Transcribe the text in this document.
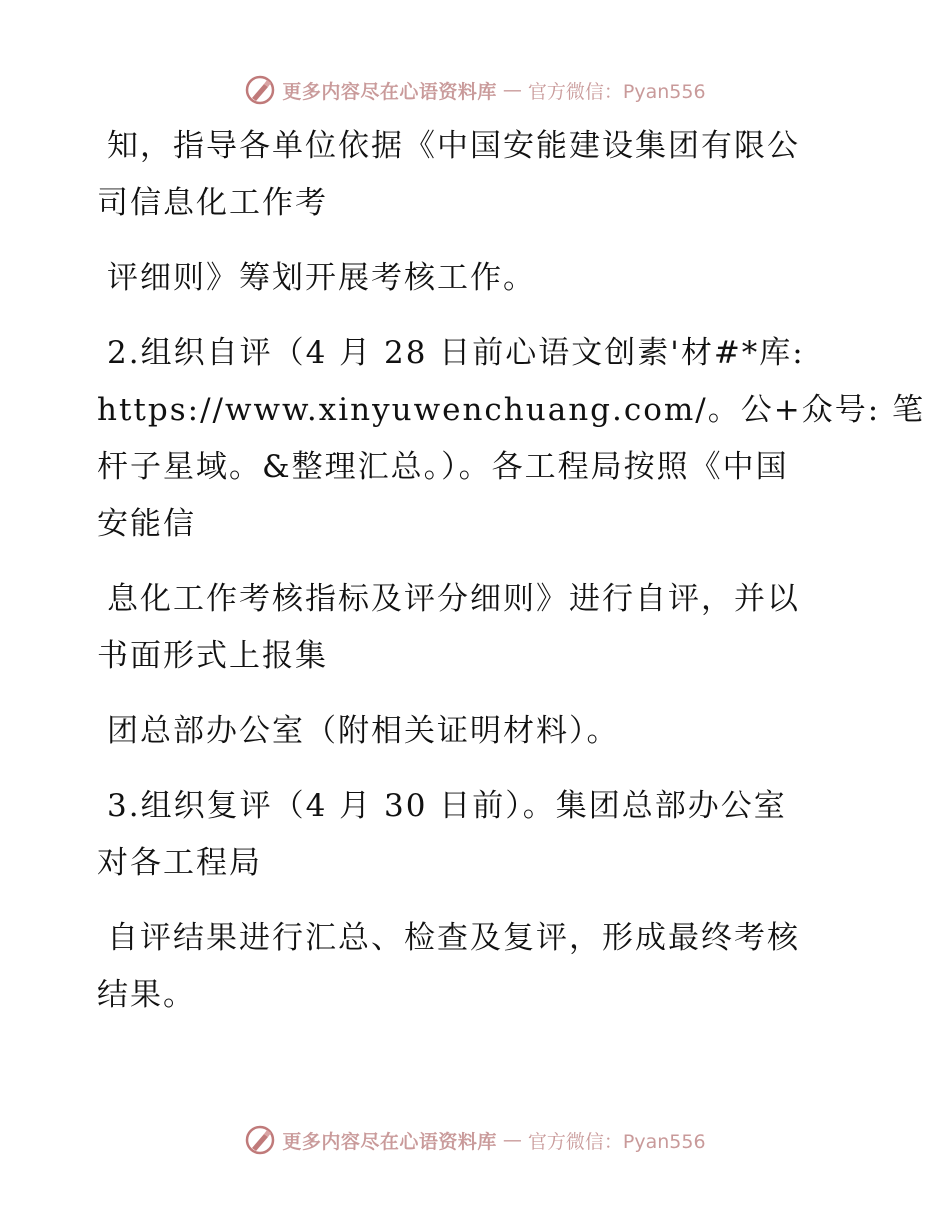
更多内容尽在心语资料库 — 官方微信：Pyan556
知，指导各单位依据《中国安能建设集团有限公
司信息化工作考
评细则》筹划开展考核工作。
2.组织自评（4 月 28 日前心语文创素'材#*库:
https://www.xinyuwenchuang.com/。公+众号: 笔
杆子星域。&整理汇总。）。各工程局按照《中国
安能信
息化工作考核指标及评分细则》进行自评，并以
书面形式上报集
团总部办公室（附相关证明材料）。
3.组织复评（4 月 30 日前）。集团总部办公室
对各工程局
自评结果进行汇总、检查及复评，形成最终考核
结果。
更多内容尽在心语资料库 — 官方微信：Pyan556
